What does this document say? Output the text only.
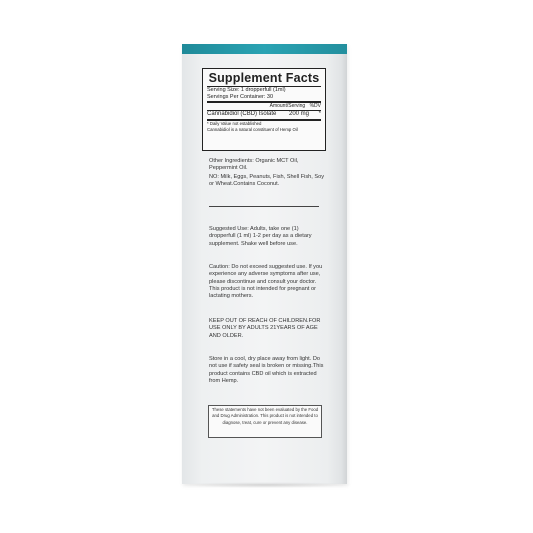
Supplement Facts
Serving Size: 1 dropperfull (1ml)
Servings Per Container: 30
Amount/Serving %DV
Cannabidiol (CBD) Isolate	200 mg	*
* Daily Value not established
Cannabidiol is a natural constituent of Hemp Oil
Other Ingredients: Organic MCT Oil, Peppermint Oil.
NO: Milk, Eggs, Peanuts, Fish, Shell Fish, Soy or Wheat.Contains Coconut.
Suggested Use: Adults, take one (1) dropperfull (1 ml) 1-2 per day as a dietary supplement. Shake well before use.
Caution: Do not exceed suggested use. If you experience any adverse symptoms after use, please discontinue and consult your doctor. This product is not intended for pregnant or lactating mothers.
KEEP OUT OF REACH OF CHILDREN.FOR USE ONLY BY ADULTS 21YEARS OF AGE AND OLDER.
Store in a cool, dry place away from light. Do not use if safety seal is broken or missing.This product contains CBD oil which is extracted from Hemp.
These statements have not been evaluated by the Food and Drug Administration. This product is not intended to diagnose, treat, cure or prevent any disease.
